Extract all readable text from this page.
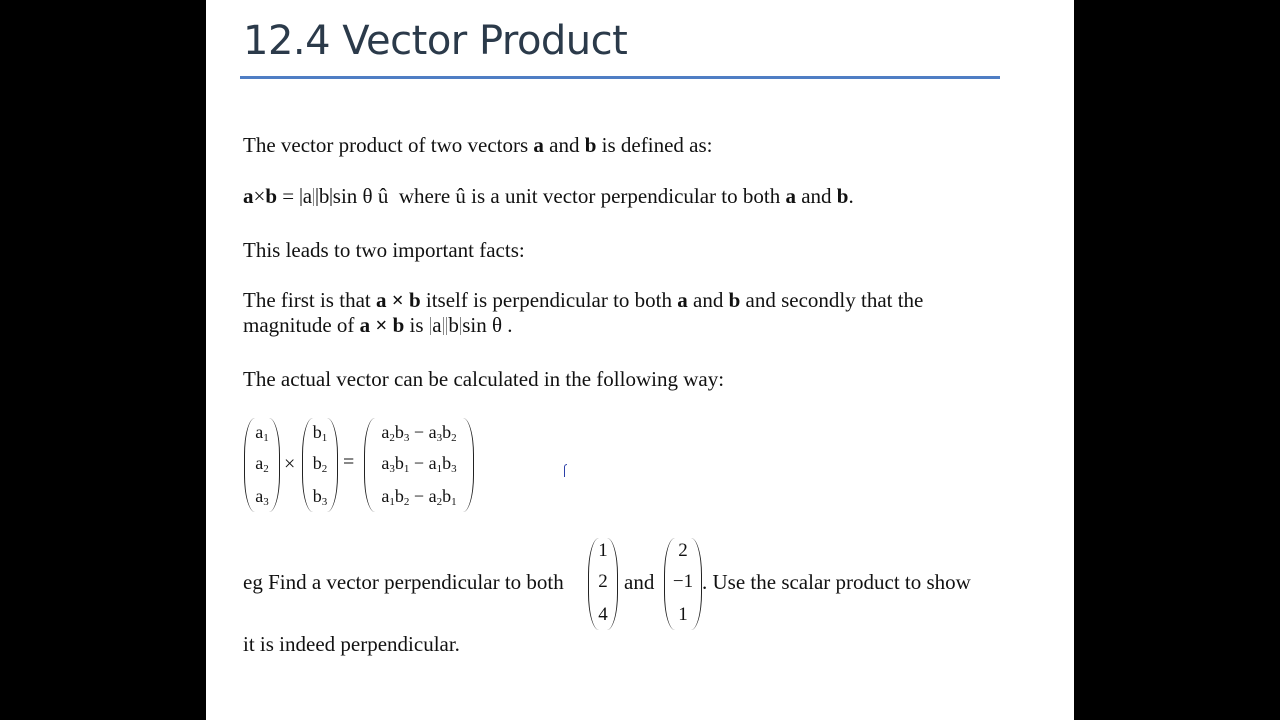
12.4 Vector Product
The vector product of two vectors a and b is defined as:
a×b = a b sin θ û where û is a unit vector perpendicular to both a and b.
This leads to two important facts:
The first is that a × b itself is perpendicular to both a and b and secondly that the
magnitude of a × b is a b sin θ .
The actual vector can be calculated in the following way:
$a_1$
$a_2$
$a_3$
×
$b_1$
$b_2$
$b_3$
=
$a_2b_3 - a_3b_2$
$a_3b_1 - a_1b_3$
$a_1b_2 - a_2b_1$
eg Find a vector perpendicular to both
1
2
4
and
2
−1
1
. Use the scalar product to show
it is indeed perpendicular.
